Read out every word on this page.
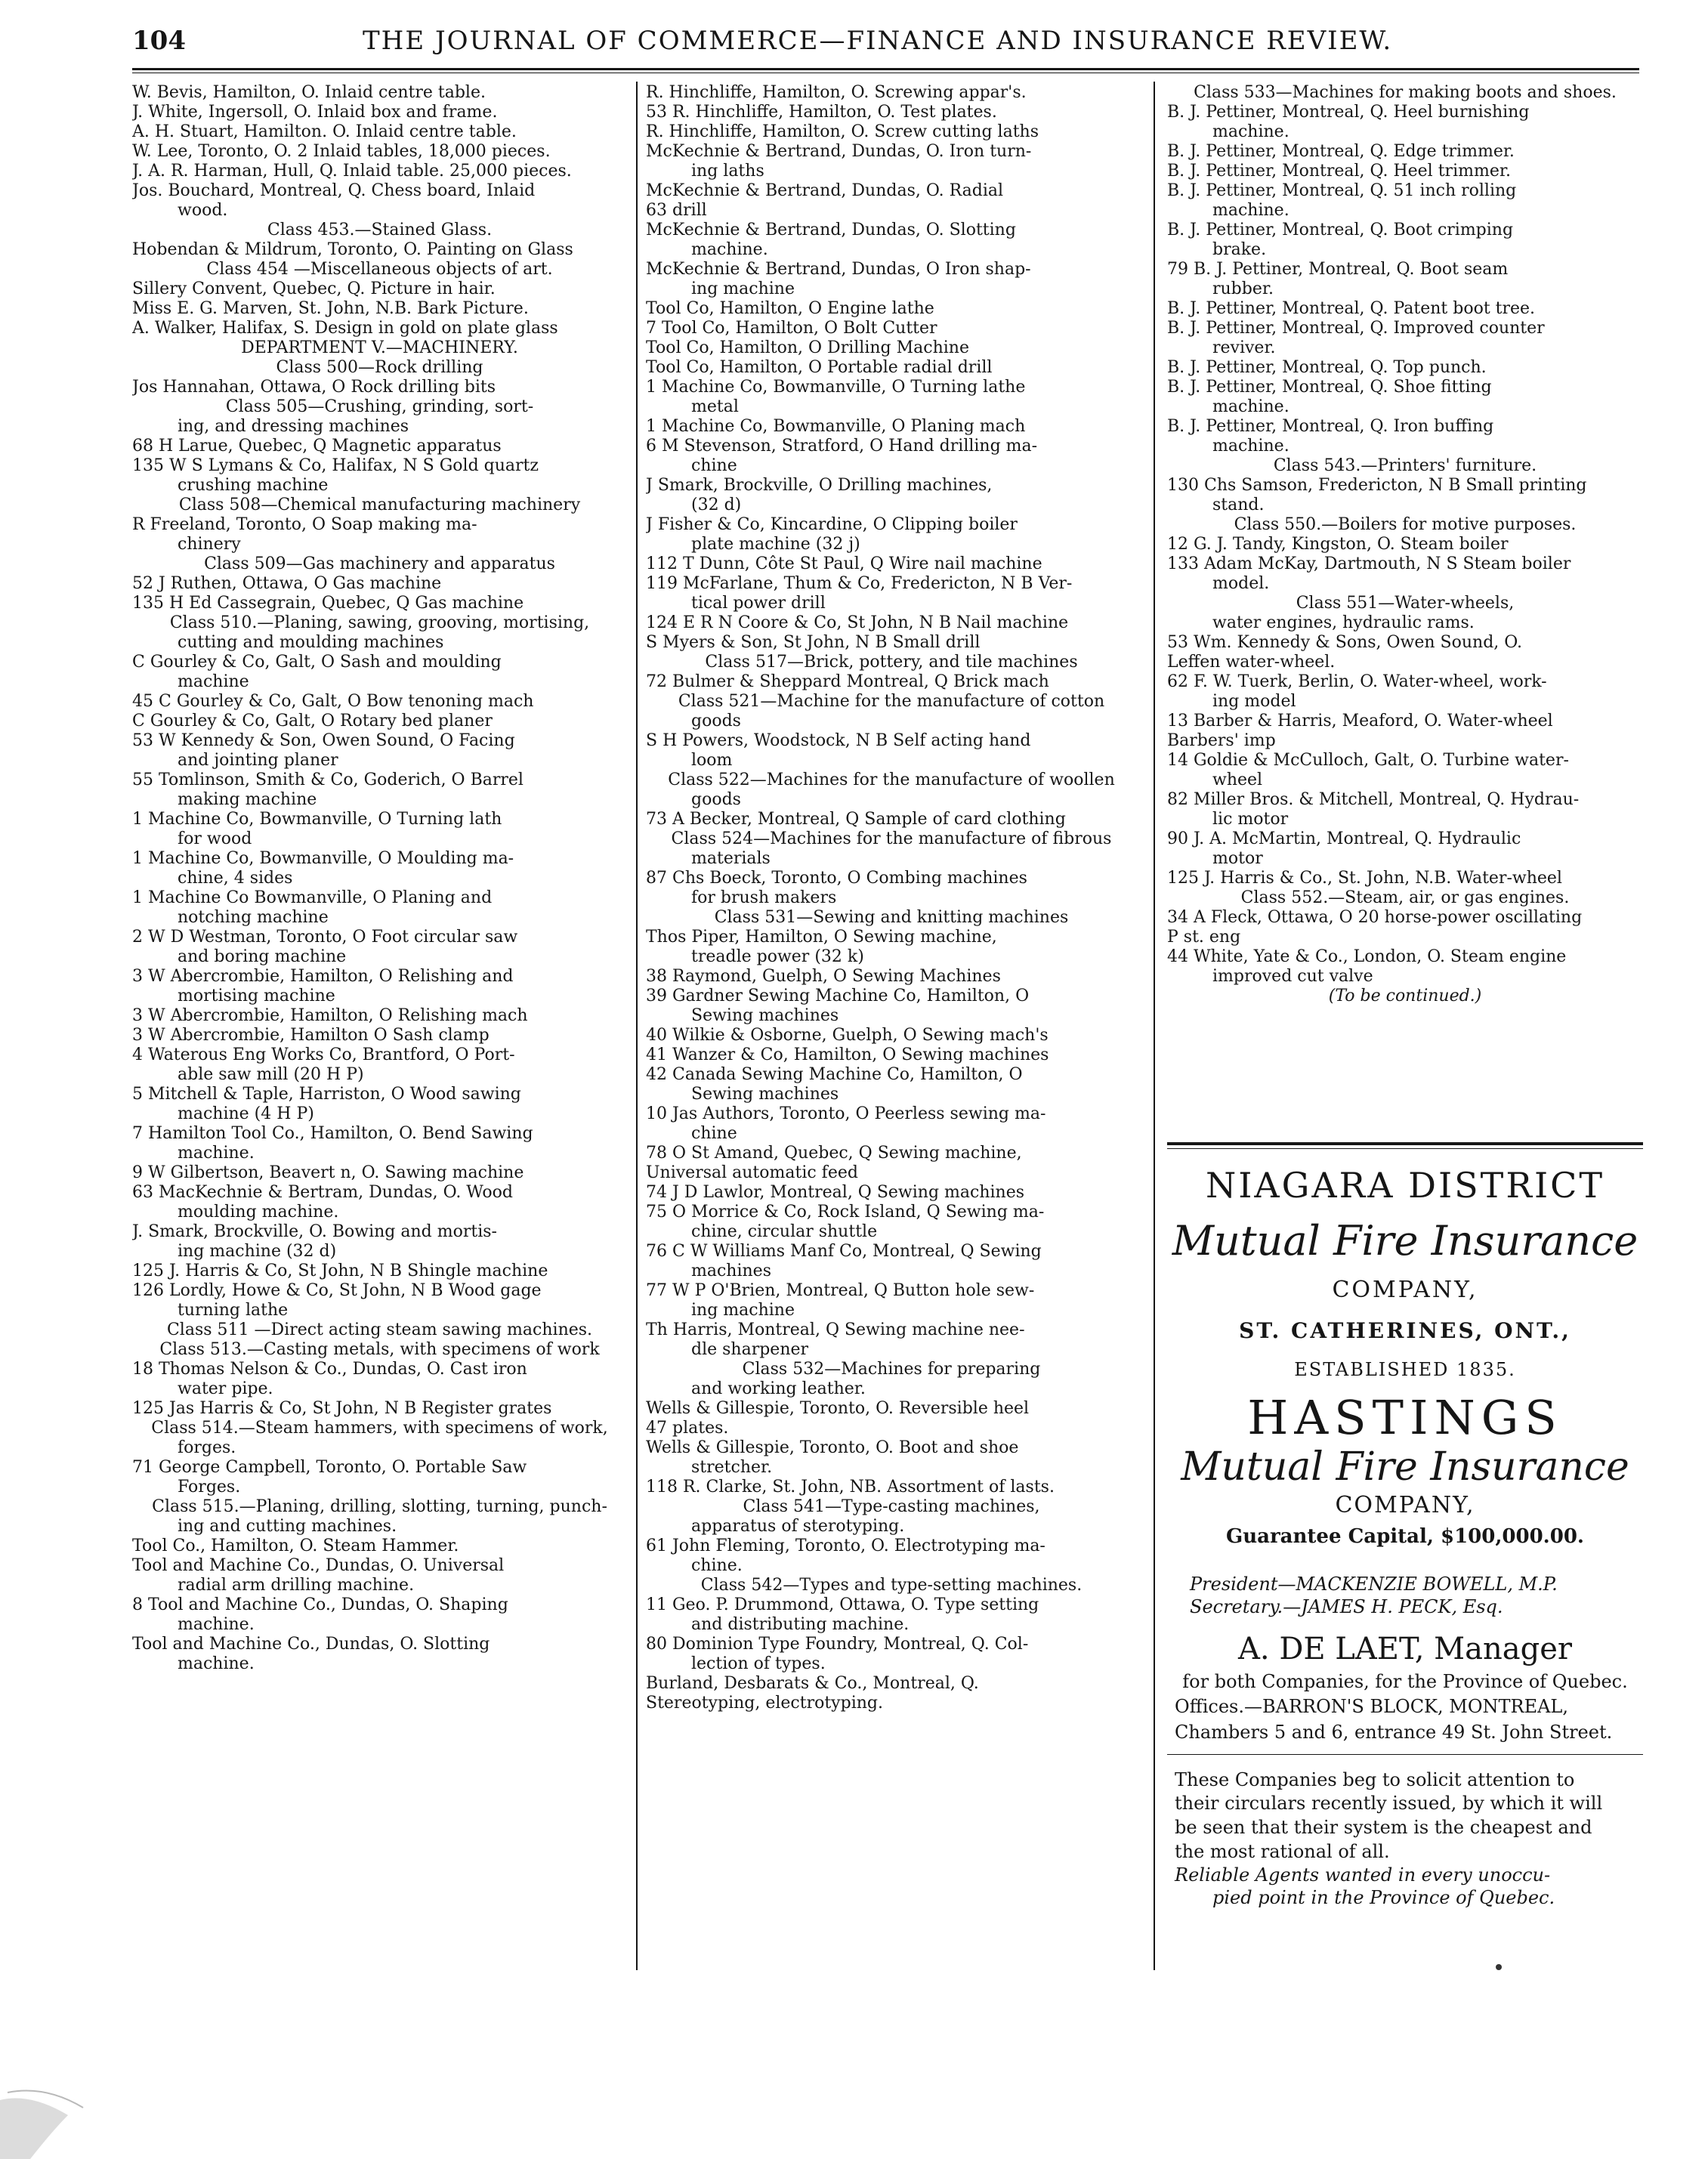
104	THE JOURNAL OF COMMERCE—FINANCE AND INSURANCE REVIEW.
W. Bevis, Hamilton, O. Inlaid centre table.
J. White, Ingersoll, O. Inlaid box and frame.
A. H. Stuart, Hamilton. O. Inlaid centre table.
W. Lee, Toronto, O. 2 Inlaid tables, 18,000 pieces.
J. A. R. Harman, Hull, Q. Inlaid table. 25,000 pieces.
Jos. Bouchard, Montreal, Q. Chess board, Inlaid
wood.
Class 453.—Stained Glass.
Hobendan & Mildrum, Toronto, O. Painting on Glass
Class 454 —Miscellaneous objects of art.
Sillery Convent, Quebec, Q. Picture in hair.
Miss E. G. Marven, St. John, N.B. Bark Picture.
A. Walker, Halifax, S. Design in gold on plate glass
DEPARTMENT V.—MACHINERY.
Class 500—Rock drilling
Jos Hannahan, Ottawa, O Rock drilling bits
Class 505—Crushing, grinding, sort-
ing, and dressing machines
68 H Larue, Quebec, Q Magnetic apparatus
135 W S Lymans & Co, Halifax, N S Gold quartz
crushing machine
Class 508—Chemical manufacturing machinery
R Freeland, Toronto, O Soap making ma-
chinery
Class 509—Gas machinery and apparatus
52 J Ruthen, Ottawa, O Gas machine
135 H Ed Cassegrain, Quebec, Q Gas machine
Class 510.—Planing, sawing, grooving, mortising,
cutting and moulding machines
C Gourley & Co, Galt, O Sash and moulding
machine
45 C Gourley & Co, Galt, O Bow tenoning mach
C Gourley & Co, Galt, O Rotary bed planer
53 W Kennedy & Son, Owen Sound, O Facing
and jointing planer
55 Tomlinson, Smith & Co, Goderich, O Barrel
making machine
1 Machine Co, Bowmanville, O Turning lath
for wood
1 Machine Co, Bowmanville, O Moulding ma-
chine, 4 sides
1 Machine Co Bowmanville, O Planing and
notching machine
2 W D Westman, Toronto, O Foot circular saw
and boring machine
3 W Abercrombie, Hamilton, O Relishing and
mortising machine
3 W Abercrombie, Hamilton, O Relishing mach
3 W Abercrombie, Hamilton O Sash clamp
4 Waterous Eng Works Co, Brantford, O Port-
able saw mill (20 H P)
5 Mitchell & Taple, Harriston, O Wood sawing
machine (4 H P)
7 Hamilton Tool Co., Hamilton, O. Bend Sawing
machine.
9 W Gilbertson, Beavert n, O. Sawing machine
63 MacKechnie & Bertram, Dundas, O. Wood
moulding machine.
J. Smark, Brockville, O. Bowing and mortis-
ing machine (32 d)
125 J. Harris & Co, St John, N B Shingle machine
126 Lordly, Howe & Co, St John, N B Wood gage
turning lathe
Class 511 —Direct acting steam sawing machines.
Class 513.—Casting metals, with specimens of work
18 Thomas Nelson & Co., Dundas, O. Cast iron
water pipe.
125 Jas Harris & Co, St John, N B Register grates
Class 514.—Steam hammers, with specimens of work,
forges.
71 George Campbell, Toronto, O. Portable Saw
Forges.
Class 515.—Planing, drilling, slotting, turning, punch-
ing and cutting machines.
Tool Co., Hamilton, O. Steam Hammer.
Tool and Machine Co., Dundas, O. Universal
radial arm drilling machine.
8 Tool and Machine Co., Dundas, O. Shaping
machine.
Tool and Machine Co., Dundas, O. Slotting
machine.
R. Hinchliffe, Hamilton, O. Screwing appar's.
53 R. Hinchliffe, Hamilton, O. Test plates.
R. Hinchliffe, Hamilton, O. Screw cutting laths
McKechnie & Bertrand, Dundas, O. Iron turn-
ing laths
McKechnie & Bertrand, Dundas, O. Radial
63 drill
McKechnie & Bertrand, Dundas, O. Slotting
machine.
McKechnie & Bertrand, Dundas, O Iron shap-
ing machine
Tool Co, Hamilton, O Engine lathe
7 Tool Co, Hamilton, O Bolt Cutter
Tool Co, Hamilton, O Drilling Machine
Tool Co, Hamilton, O Portable radial drill
1 Machine Co, Bowmanville, O Turning lathe
metal
1 Machine Co, Bowmanville, O Planing mach
6 M Stevenson, Stratford, O Hand drilling ma-
chine
J Smark, Brockville, O Drilling machines,
(32 d)
J Fisher & Co, Kincardine, O Clipping boiler
plate machine (32 j)
112 T Dunn, Côte St Paul, Q Wire nail machine
119 McFarlane, Thum & Co, Fredericton, N B Ver-
tical power drill
124 E R N Coore & Co, St John, N B Nail machine
S Myers & Son, St John, N B Small drill
Class 517—Brick, pottery, and tile machines
72 Bulmer & Sheppard Montreal, Q Brick mach
Class 521—Machine for the manufacture of cotton
goods
S H Powers, Woodstock, N B Self acting hand
loom
Class 522—Machines for the manufacture of woollen
goods
73 A Becker, Montreal, Q Sample of card clothing
Class 524—Machines for the manufacture of fibrous
materials
87 Chs Boeck, Toronto, O Combing machines
for brush makers
Class 531—Sewing and knitting machines
Thos Piper, Hamilton, O Sewing machine,
treadle power (32 k)
38 Raymond, Guelph, O Sewing Machines
39 Gardner Sewing Machine Co, Hamilton, O
Sewing machines
40 Wilkie & Osborne, Guelph, O Sewing mach's
41 Wanzer & Co, Hamilton, O Sewing machines
42 Canada Sewing Machine Co, Hamilton, O
Sewing machines
10 Jas Authors, Toronto, O Peerless sewing ma-
chine
78 O St Amand, Quebec, Q Sewing machine,
Universal automatic feed
74 J D Lawlor, Montreal, Q Sewing machines
75 O Morrice & Co, Rock Island, Q Sewing ma-
chine, circular shuttle
76 C W Williams Manf Co, Montreal, Q Sewing
machines
77 W P O'Brien, Montreal, Q Button hole sew-
ing machine
Th Harris, Montreal, Q Sewing machine nee-
dle sharpener
Class 532—Machines for preparing
and working leather.
Wells & Gillespie, Toronto, O. Reversible heel
47 plates.
Wells & Gillespie, Toronto, O. Boot and shoe
stretcher.
118 R. Clarke, St. John, NB. Assortment of lasts.
Class 541—Type-casting machines,
apparatus of sterotyping.
61 John Fleming, Toronto, O. Electrotyping ma-
chine.
Class 542—Types and type-setting machines.
11 Geo. P. Drummond, Ottawa, O. Type setting
and distributing machine.
80 Dominion Type Foundry, Montreal, Q. Col-
lection of types.
Burland, Desbarats & Co., Montreal, Q.
Stereotyping, electrotyping.
Class 533—Machines for making boots and shoes.
B. J. Pettiner, Montreal, Q. Heel burnishing
machine.
B. J. Pettiner, Montreal, Q. Edge trimmer.
B. J. Pettiner, Montreal, Q. Heel trimmer.
B. J. Pettiner, Montreal, Q. 51 inch rolling
machine.
B. J. Pettiner, Montreal, Q. Boot crimping
brake.
79 B. J. Pettiner, Montreal, Q. Boot seam
rubber.
B. J. Pettiner, Montreal, Q. Patent boot tree.
B. J. Pettiner, Montreal, Q. Improved counter
reviver.
B. J. Pettiner, Montreal, Q. Top punch.
B. J. Pettiner, Montreal, Q. Shoe fitting
machine.
B. J. Pettiner, Montreal, Q. Iron buffing
machine.
Class 543.—Printers' furniture.
130 Chs Samson, Fredericton, N B Small printing
stand.
Class 550.—Boilers for motive purposes.
12 G. J. Tandy, Kingston, O. Steam boiler
133 Adam McKay, Dartmouth, N S Steam boiler
model.
Class 551—Water-wheels,
water engines, hydraulic rams.
53 Wm. Kennedy & Sons, Owen Sound, O.
Leffen water-wheel.
62 F. W. Tuerk, Berlin, O. Water-wheel, work-
ing model
13 Barber & Harris, Meaford, O. Water-wheel
Barbers' imp
14 Goldie & McCulloch, Galt, O. Turbine water-
wheel
82 Miller Bros. & Mitchell, Montreal, Q. Hydrau-
lic motor
90 J. A. McMartin, Montreal, Q. Hydraulic
motor
125 J. Harris & Co., St. John, N.B. Water-wheel
Class 552.—Steam, air, or gas engines.
34 A Fleck, Ottawa, O 20 horse-power oscillating
P st. eng
44 White, Yate & Co., London, O. Steam engine
improved cut valve
(To be continued.)
NIAGARA DISTRICT
Mutual Fire Insurance
COMPANY,
ST. CATHERINES, ONT.,
ESTABLISHED 1835.
HASTINGS
Mutual Fire Insurance
COMPANY,
Guarantee Capital, $100,000.00.
President—MACKENZIE BOWELL, M.P.
Secretary.—JAMES H. PECK, Esq.
A. DE LAET, Manager
for both Companies, for the Province of Quebec.
Offices.—BARRON'S BLOCK, MONTREAL,
Chambers 5 and 6, entrance 49 St. John Street.
These Companies beg to solicit attention to
their circulars recently issued, by which it will
be seen that their system is the cheapest and
the most rational of all.
Reliable Agents wanted in every unoccu-
pied point in the Province of Quebec.
